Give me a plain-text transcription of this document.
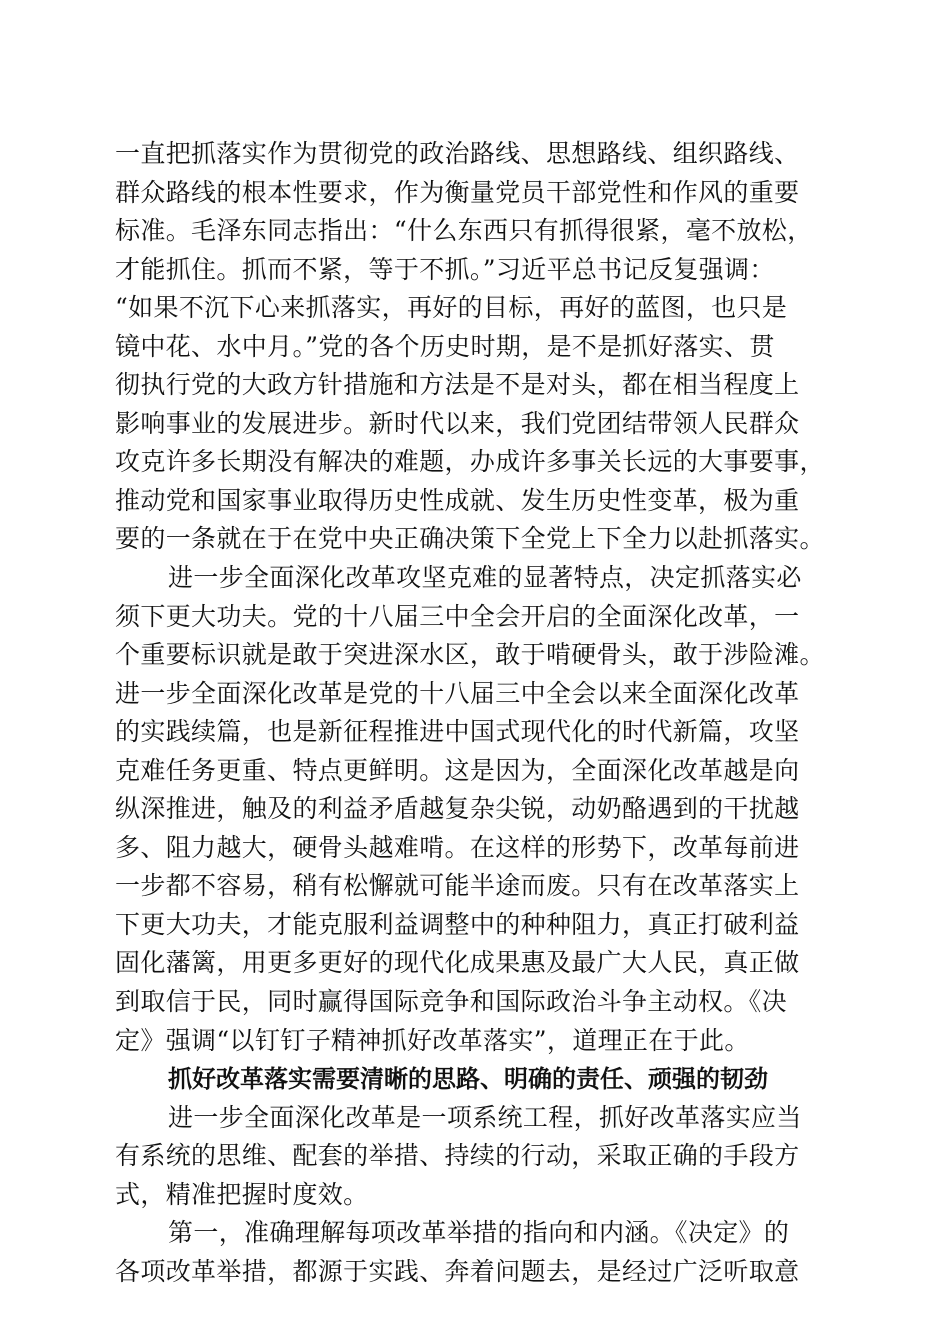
一直把抓落实作为贯彻党的政治路线、思想路线、组织路线、
群众路线的根本性要求，作为衡量党员干部党性和作风的重要
标准。毛泽东同志指出：“什么东西只有抓得很紧，毫不放松，
才能抓住。抓而不紧，等于不抓。”习近平总书记反复强调：
“如果不沉下心来抓落实，再好的目标，再好的蓝图，也只是
镜中花、水中月。”党的各个历史时期，是不是抓好落实、贯
彻执行党的大政方针措施和方法是不是对头，都在相当程度上
影响事业的发展进步。新时代以来，我们党团结带领人民群众
攻克许多长期没有解决的难题，办成许多事关长远的大事要事，
推动党和国家事业取得历史性成就、发生历史性变革，极为重
要的一条就在于在党中央正确决策下全党上下全力以赴抓落实。
进一步全面深化改革攻坚克难的显著特点，决定抓落实必
须下更大功夫。党的十八届三中全会开启的全面深化改革，一
个重要标识就是敢于突进深水区，敢于啃硬骨头，敢于涉险滩。
进一步全面深化改革是党的十八届三中全会以来全面深化改革
的实践续篇，也是新征程推进中国式现代化的时代新篇，攻坚
克难任务更重、特点更鲜明。这是因为，全面深化改革越是向
纵深推进，触及的利益矛盾越复杂尖锐，动奶酪遇到的干扰越
多、阻力越大，硬骨头越难啃。在这样的形势下，改革每前进
一步都不容易，稍有松懈就可能半途而废。只有在改革落实上
下更大功夫，才能克服利益调整中的种种阻力，真正打破利益
固化藩篱，用更多更好的现代化成果惠及最广大人民，真正做
到取信于民，同时赢得国际竞争和国际政治斗争主动权。《决
定》强调“以钉钉子精神抓好改革落实”，道理正在于此。
抓好改革落实需要清晰的思路、明确的责任、顽强的韧劲
进一步全面深化改革是一项系统工程，抓好改革落实应当
有系统的思维、配套的举措、持续的行动，采取正确的手段方
式，精准把握时度效。
第一，准确理解每项改革举措的指向和内涵。《决定》的
各项改革举措，都源于实践、奔着问题去，是经过广泛听取意
